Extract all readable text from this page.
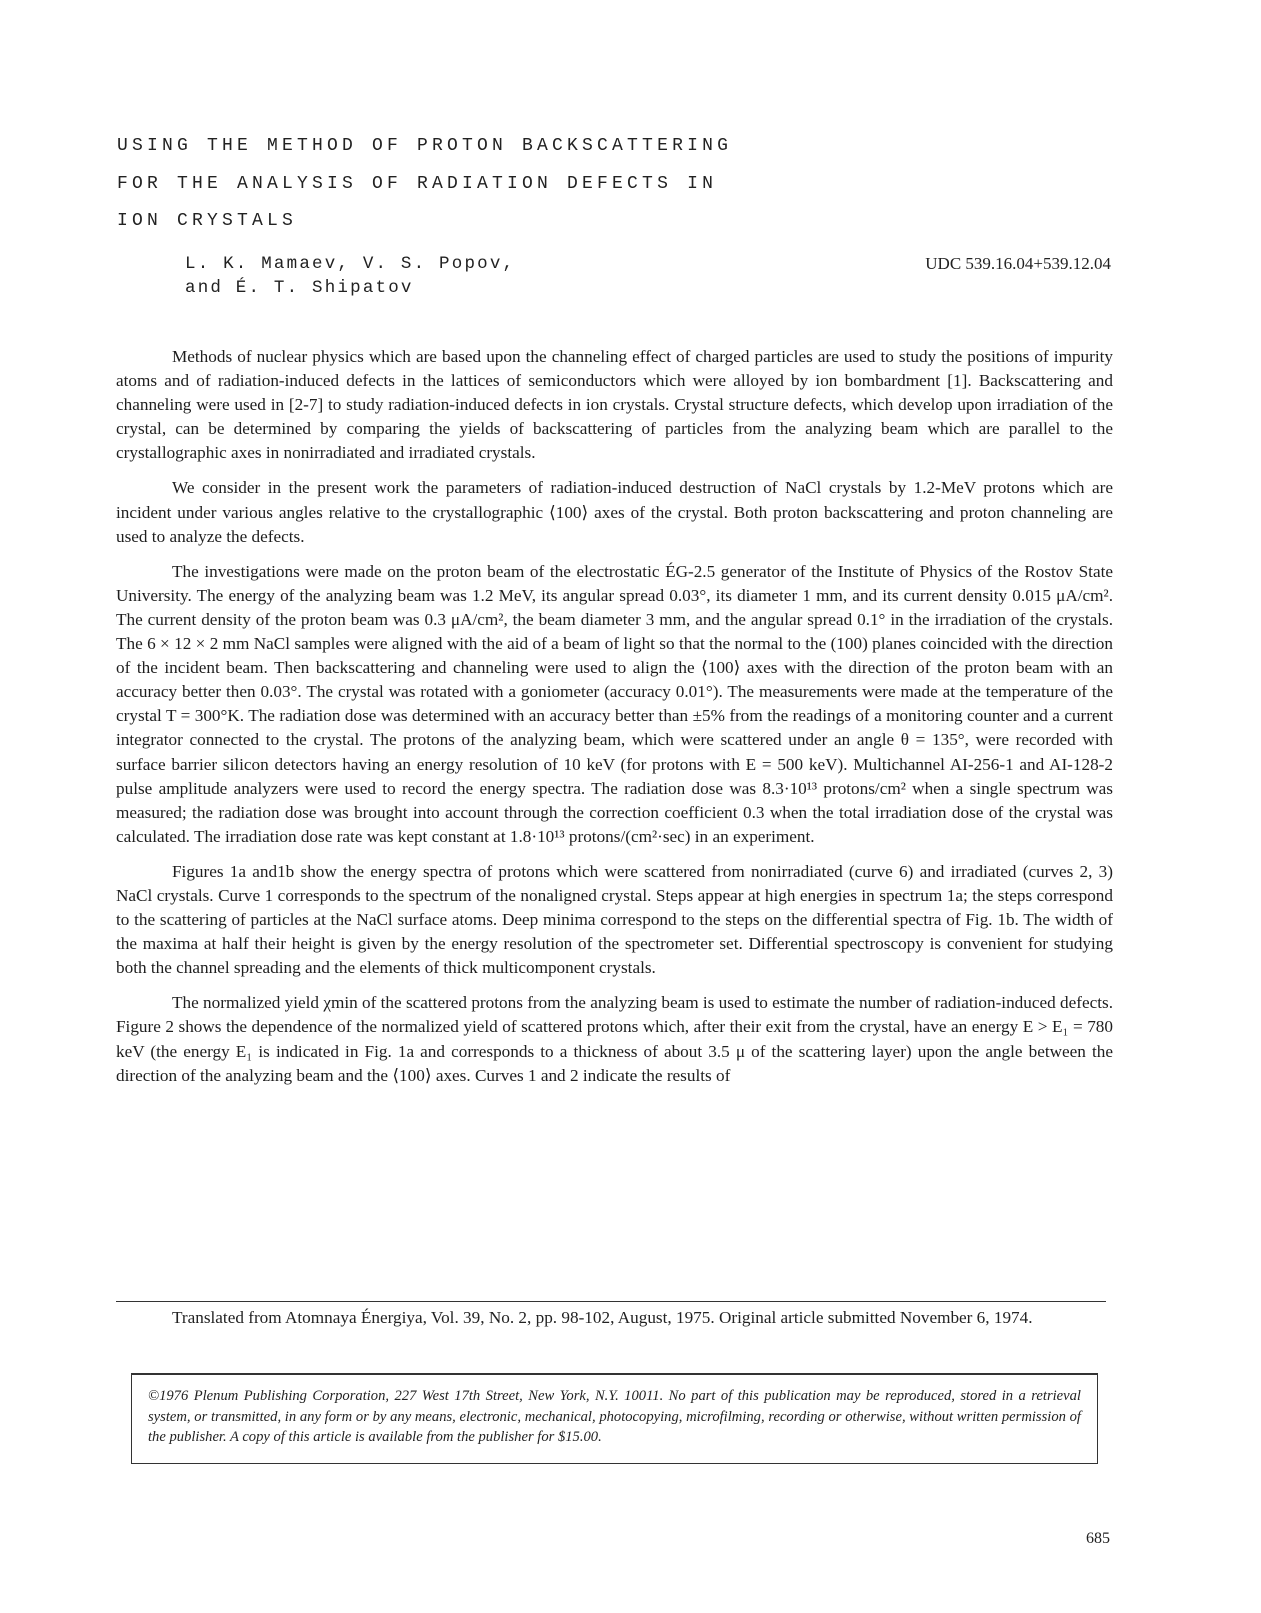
USING THE METHOD OF PROTON BACKSCATTERING
FOR THE ANALYSIS OF RADIATION DEFECTS IN
ION CRYSTALS
L. K. Mamaev, V. S. Popov,
and É. T. Shipatov
UDC 539.16.04+539.12.04

Methods of nuclear physics which are based upon the channeling effect of charged particles are used to study the positions of impurity atoms and of radiation-induced defects in the lattices of semiconductors which were alloyed by ion bombardment [1]. Backscattering and channeling were used in [2-7] to study radiation-induced defects in ion crystals. Crystal structure defects, which develop upon irradiation of the crystal, can be determined by comparing the yields of backscattering of particles from the analyzing beam which are parallel to the crystallographic axes in nonirradiated and irradiated crystals.

We consider in the present work the parameters of radiation-induced destruction of NaCl crystals by 1.2-MeV protons which are incident under various angles relative to the crystallographic ⟨100⟩ axes of the crystal. Both proton backscattering and proton channeling are used to analyze the defects.

The investigations were made on the proton beam of the electrostatic ÉG-2.5 generator of the Institute of Physics of the Rostov State University. The energy of the analyzing beam was 1.2 MeV, its angular spread 0.03°, its diameter 1 mm, and its current density 0.015 μA/cm². The current density of the proton beam was 0.3 μA/cm², the beam diameter 3 mm, and the angular spread 0.1° in the irradiation of the crystals. The 6 × 12 × 2 mm NaCl samples were aligned with the aid of a beam of light so that the normal to the (100) planes coincided with the direction of the incident beam. Then backscattering and channeling were used to align the ⟨100⟩ axes with the direction of the proton beam with an accuracy better then 0.03°. The crystal was rotated with a goniometer (accuracy 0.01°). The measurements were made at the temperature of the crystal T = 300°K. The radiation dose was determined with an accuracy better than ±5% from the readings of a monitoring counter and a current integrator connected to the crystal. The protons of the analyzing beam, which were scattered under an angle θ = 135°, were recorded with surface barrier silicon detectors having an energy resolution of 10 keV (for protons with E = 500 keV). Multichannel AI-256-1 and AI-128-2 pulse amplitude analyzers were used to record the energy spectra. The radiation dose was 8.3·10¹³ protons/cm² when a single spectrum was measured; the radiation dose was brought into account through the correction coefficient 0.3 when the total irradiation dose of the crystal was calculated. The irradiation dose rate was kept constant at 1.8·10¹³ protons/(cm²·sec) in an experiment.

Figures 1a and1b show the energy spectra of protons which were scattered from nonirradiated (curve 6) and irradiated (curves 2, 3) NaCl crystals. Curve 1 corresponds to the spectrum of the nonaligned crystal. Steps appear at high energies in spectrum 1a; the steps correspond to the scattering of particles at the NaCl surface atoms. Deep minima correspond to the steps on the differential spectra of Fig. 1b. The width of the maxima at half their height is given by the energy resolution of the spectrometer set. Differential spectroscopy is convenient for studying both the channel spreading and the elements of thick multicomponent crystals.

The normalized yield χmin of the scattered protons from the analyzing beam is used to estimate the number of radiation-induced defects. Figure 2 shows the dependence of the normalized yield of scattered protons which, after their exit from the crystal, have an energy E > E₁ = 780 keV (the energy E₁ is indicated in Fig. 1a and corresponds to a thickness of about 3.5 μ of the scattering layer) upon the angle between the direction of the analyzing beam and the ⟨100⟩ axes. Curves 1 and 2 indicate the results of

Translated from Atomnaya Énergiya, Vol. 39, No. 2, pp. 98-102, August, 1975. Original article submitted November 6, 1974.

©1976 Plenum Publishing Corporation, 227 West 17th Street, New York, N.Y. 10011. No part of this publication may be reproduced, stored in a retrieval system, or transmitted, in any form or by any means, electronic, mechanical, photocopying, microfilming, recording or otherwise, without written permission of the publisher. A copy of this article is available from the publisher for $15.00.

685
